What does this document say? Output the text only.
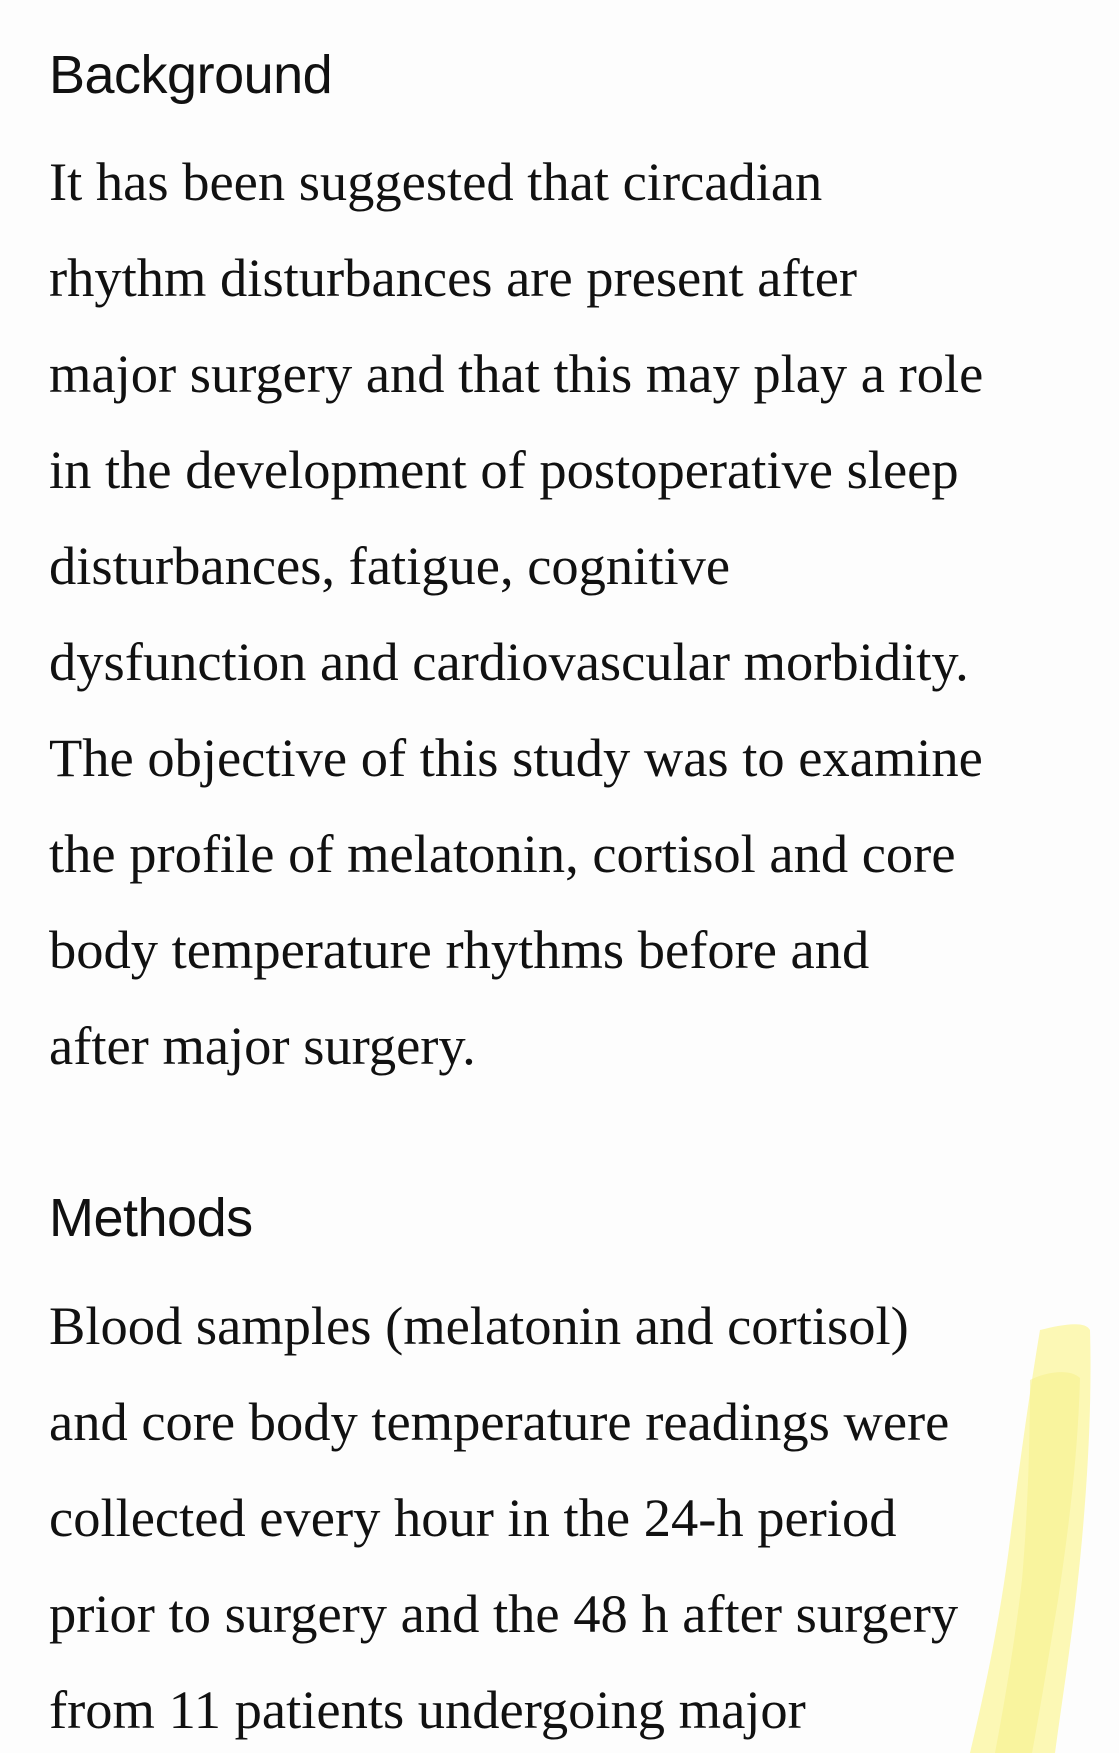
Background

It has been suggested that circadian
rhythm disturbances are present after
major surgery and that this may play a role
in the development of postoperative sleep
disturbances, fatigue, cognitive
dysfunction and cardiovascular morbidity.
The objective of this study was to examine
the profile of melatonin, cortisol and core
body temperature rhythms before and
after major surgery.

Methods

Blood samples (melatonin and cortisol)
and core body temperature readings were
collected every hour in the 24-h period
prior to surgery and the 48 h after surgery
from 11 patients undergoing major
